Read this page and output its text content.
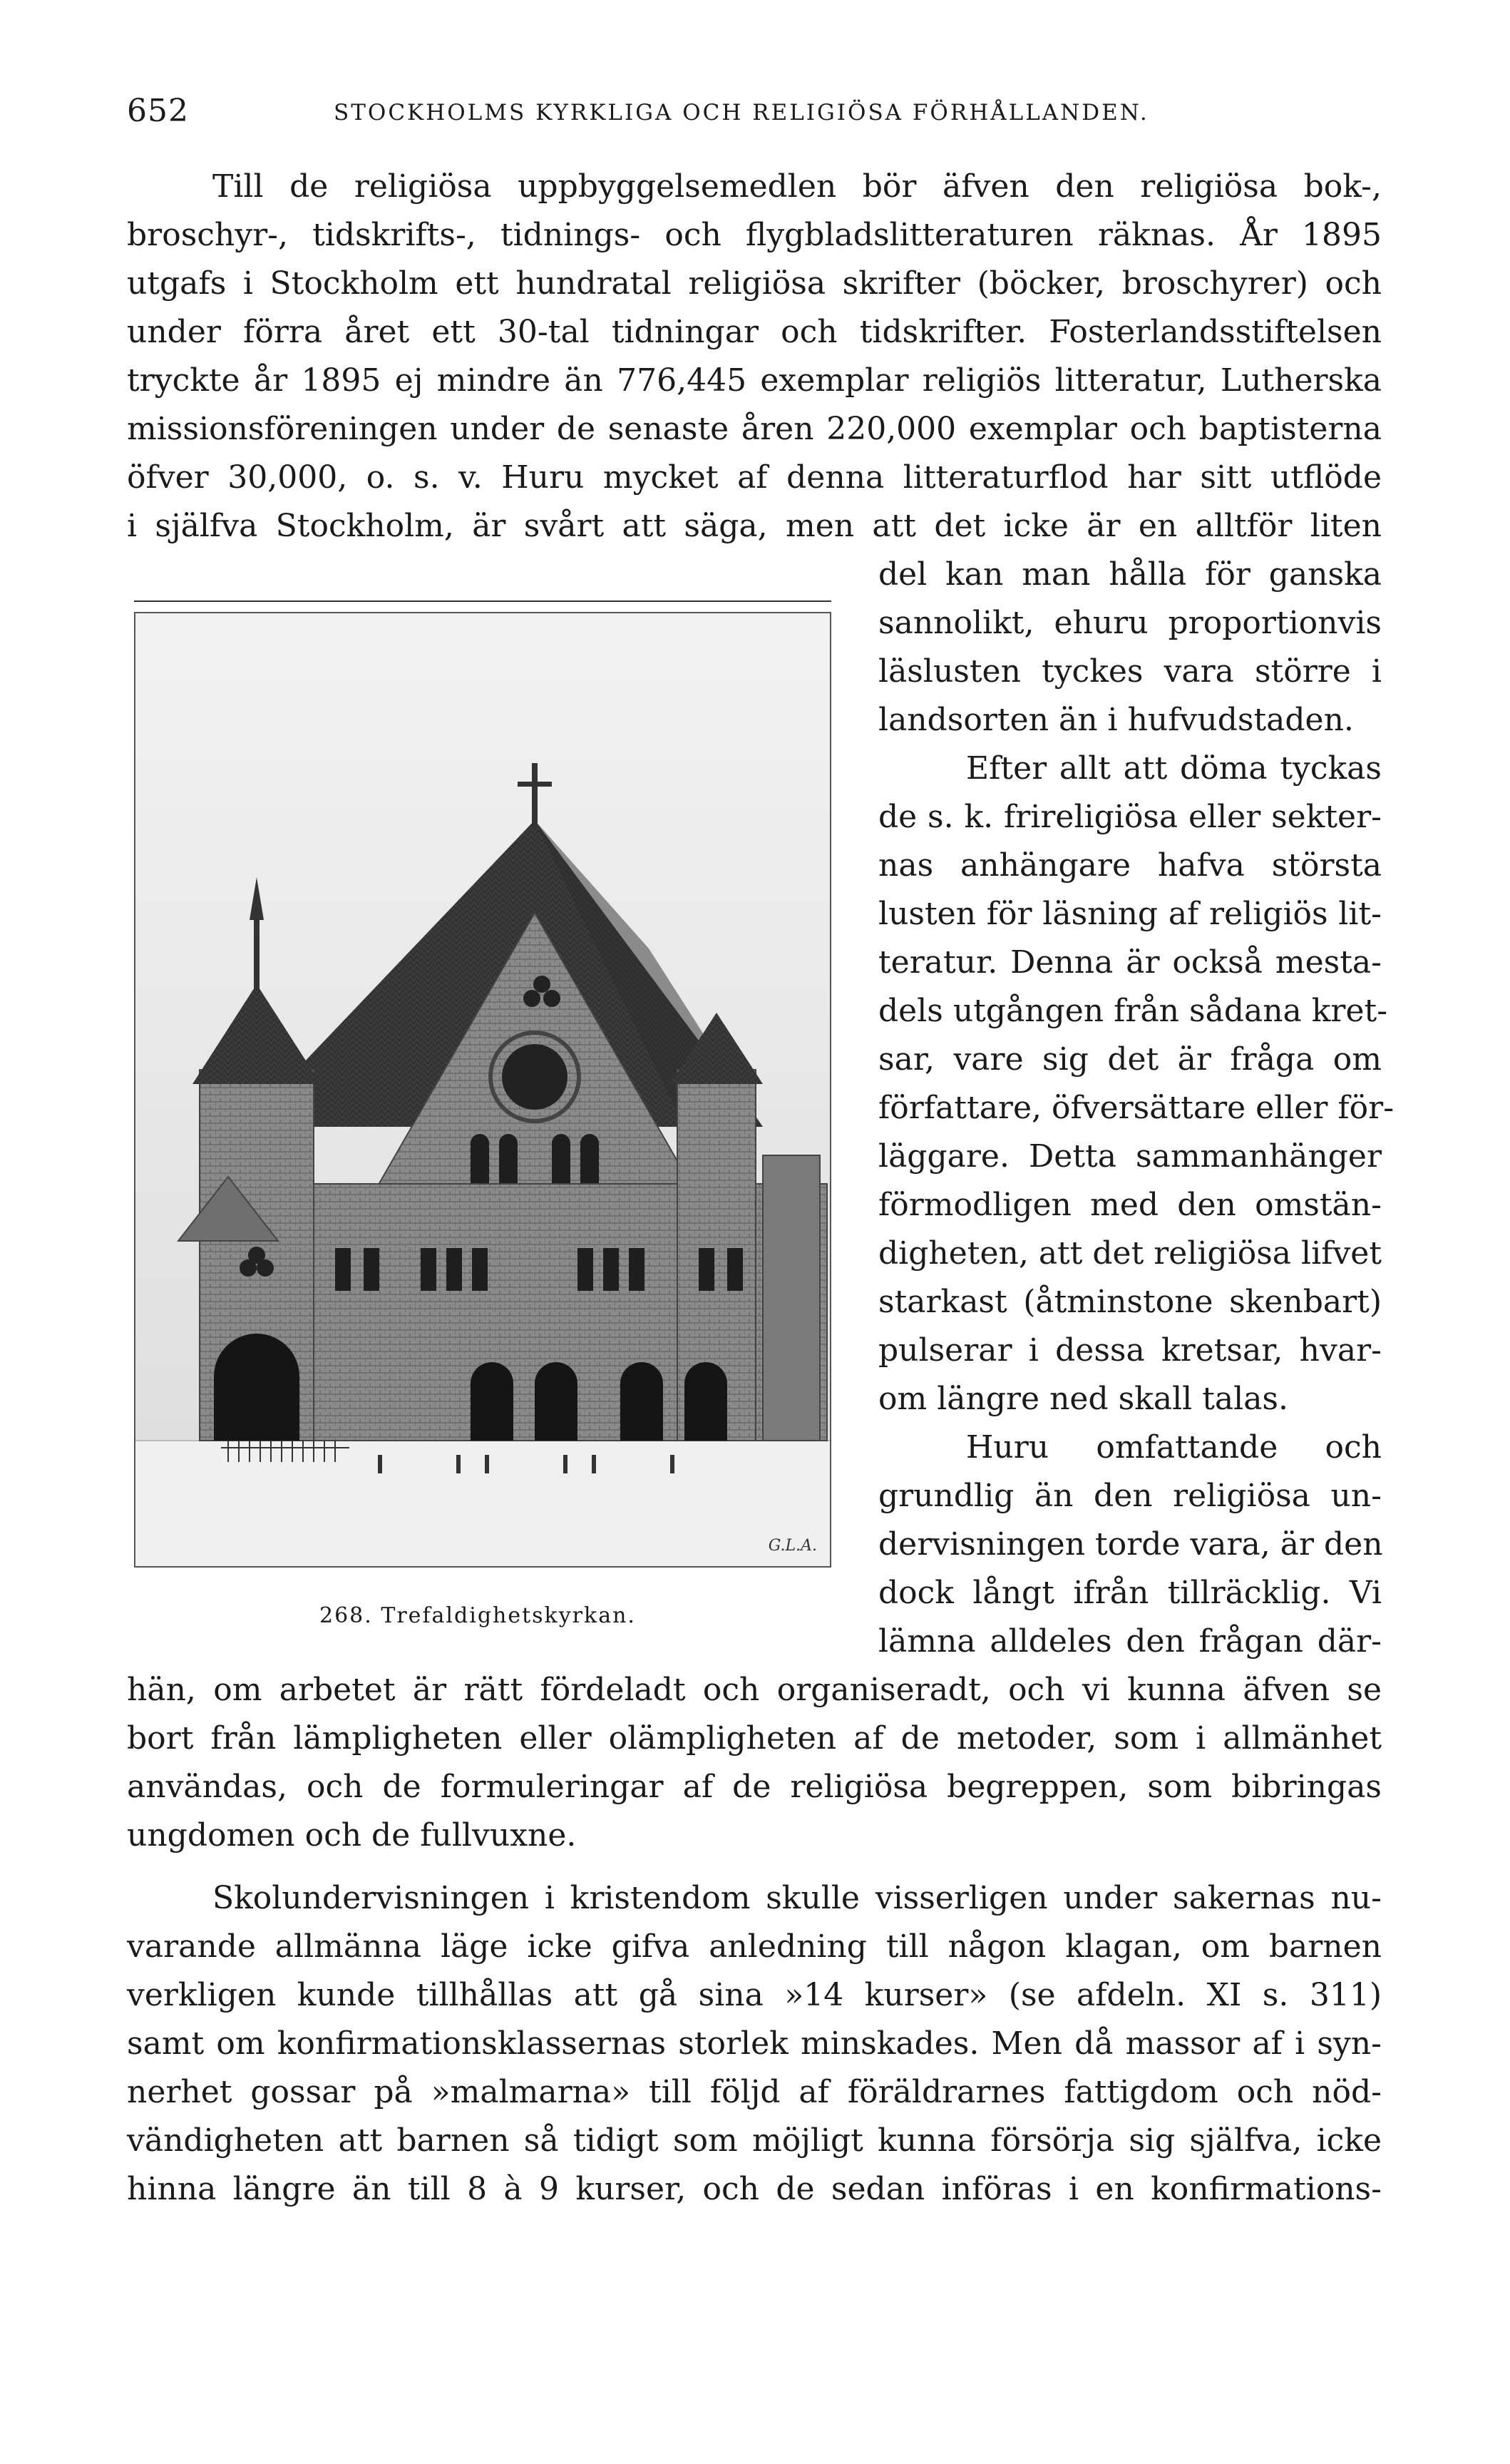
652	STOCKHOLMS KYRKLIGA OCH RELIGIÖSA FÖRHÅLLANDEN.
Till de religiösa uppbyggelsemedlen bör äfven den religiösa bok-,
broschyr-, tidskrifts-, tidnings- och flygbladslitteraturen räknas. År 1895
utgafs i Stockholm ett hundratal religiösa skrifter (böcker, broschyrer) och
under förra året ett 30-tal tidningar och tidskrifter. Fosterlandsstiftelsen
tryckte år 1895 ej mindre än 776,445 exemplar religiös litteratur, Lutherska
missionsföreningen under de senaste åren 220,000 exemplar och baptisterna
öfver 30,000, o. s. v. Huru mycket af denna litteraturflod har sitt utflöde
i själfva Stockholm, är svårt att säga, men att det icke är en alltför liten
del kan man hålla för ganska
sannolikt, ehuru proportionvis
läslusten tyckes vara större i
landsorten än i hufvudstaden.
Efter allt att döma tyckas
de s. k. frireligiösa eller sekter-
nas anhängare hafva största
lusten för läsning af religiös lit-
teratur. Denna är också mesta-
dels utgången från sådana kret-
sar, vare sig det är fråga om
författare, öfversättare eller för-
läggare. Detta sammanhänger
förmodligen med den omstän-
digheten, att det religiösa lifvet
starkast (åtminstone skenbart)
pulserar i dessa kretsar, hvar-
om längre ned skall talas.
Huru omfattande och
grundlig än den religiösa un-
dervisningen torde vara, är den
dock långt ifrån tillräcklig. Vi
lämna alldeles den frågan där-
hän, om arbetet är rätt fördeladt och organiseradt, och vi kunna äfven se
bort från lämpligheten eller olämpligheten af de metoder, som i allmänhet
användas, och de formuleringar af de religiösa begreppen, som bibringas
ungdomen och de fullvuxne.
Skolundervisningen i kristendom skulle visserligen under sakernas nu-
varande allmänna läge icke gifva anledning till någon klagan, om barnen
verkligen kunde tillhållas att gå sina »14 kurser» (se afdeln. XI s. 311)
samt om konfirmationsklassernas storlek minskades. Men då massor af i syn-
nerhet gossar på »malmarna» till följd af föräldrarnes fattigdom och nöd-
vändigheten att barnen så tidigt som möjligt kunna försörja sig själfva, icke
hinna längre än till 8 à 9 kurser, och de sedan införas i en konfirmations-
G.L.A.
268. Trefaldighetskyrkan.
